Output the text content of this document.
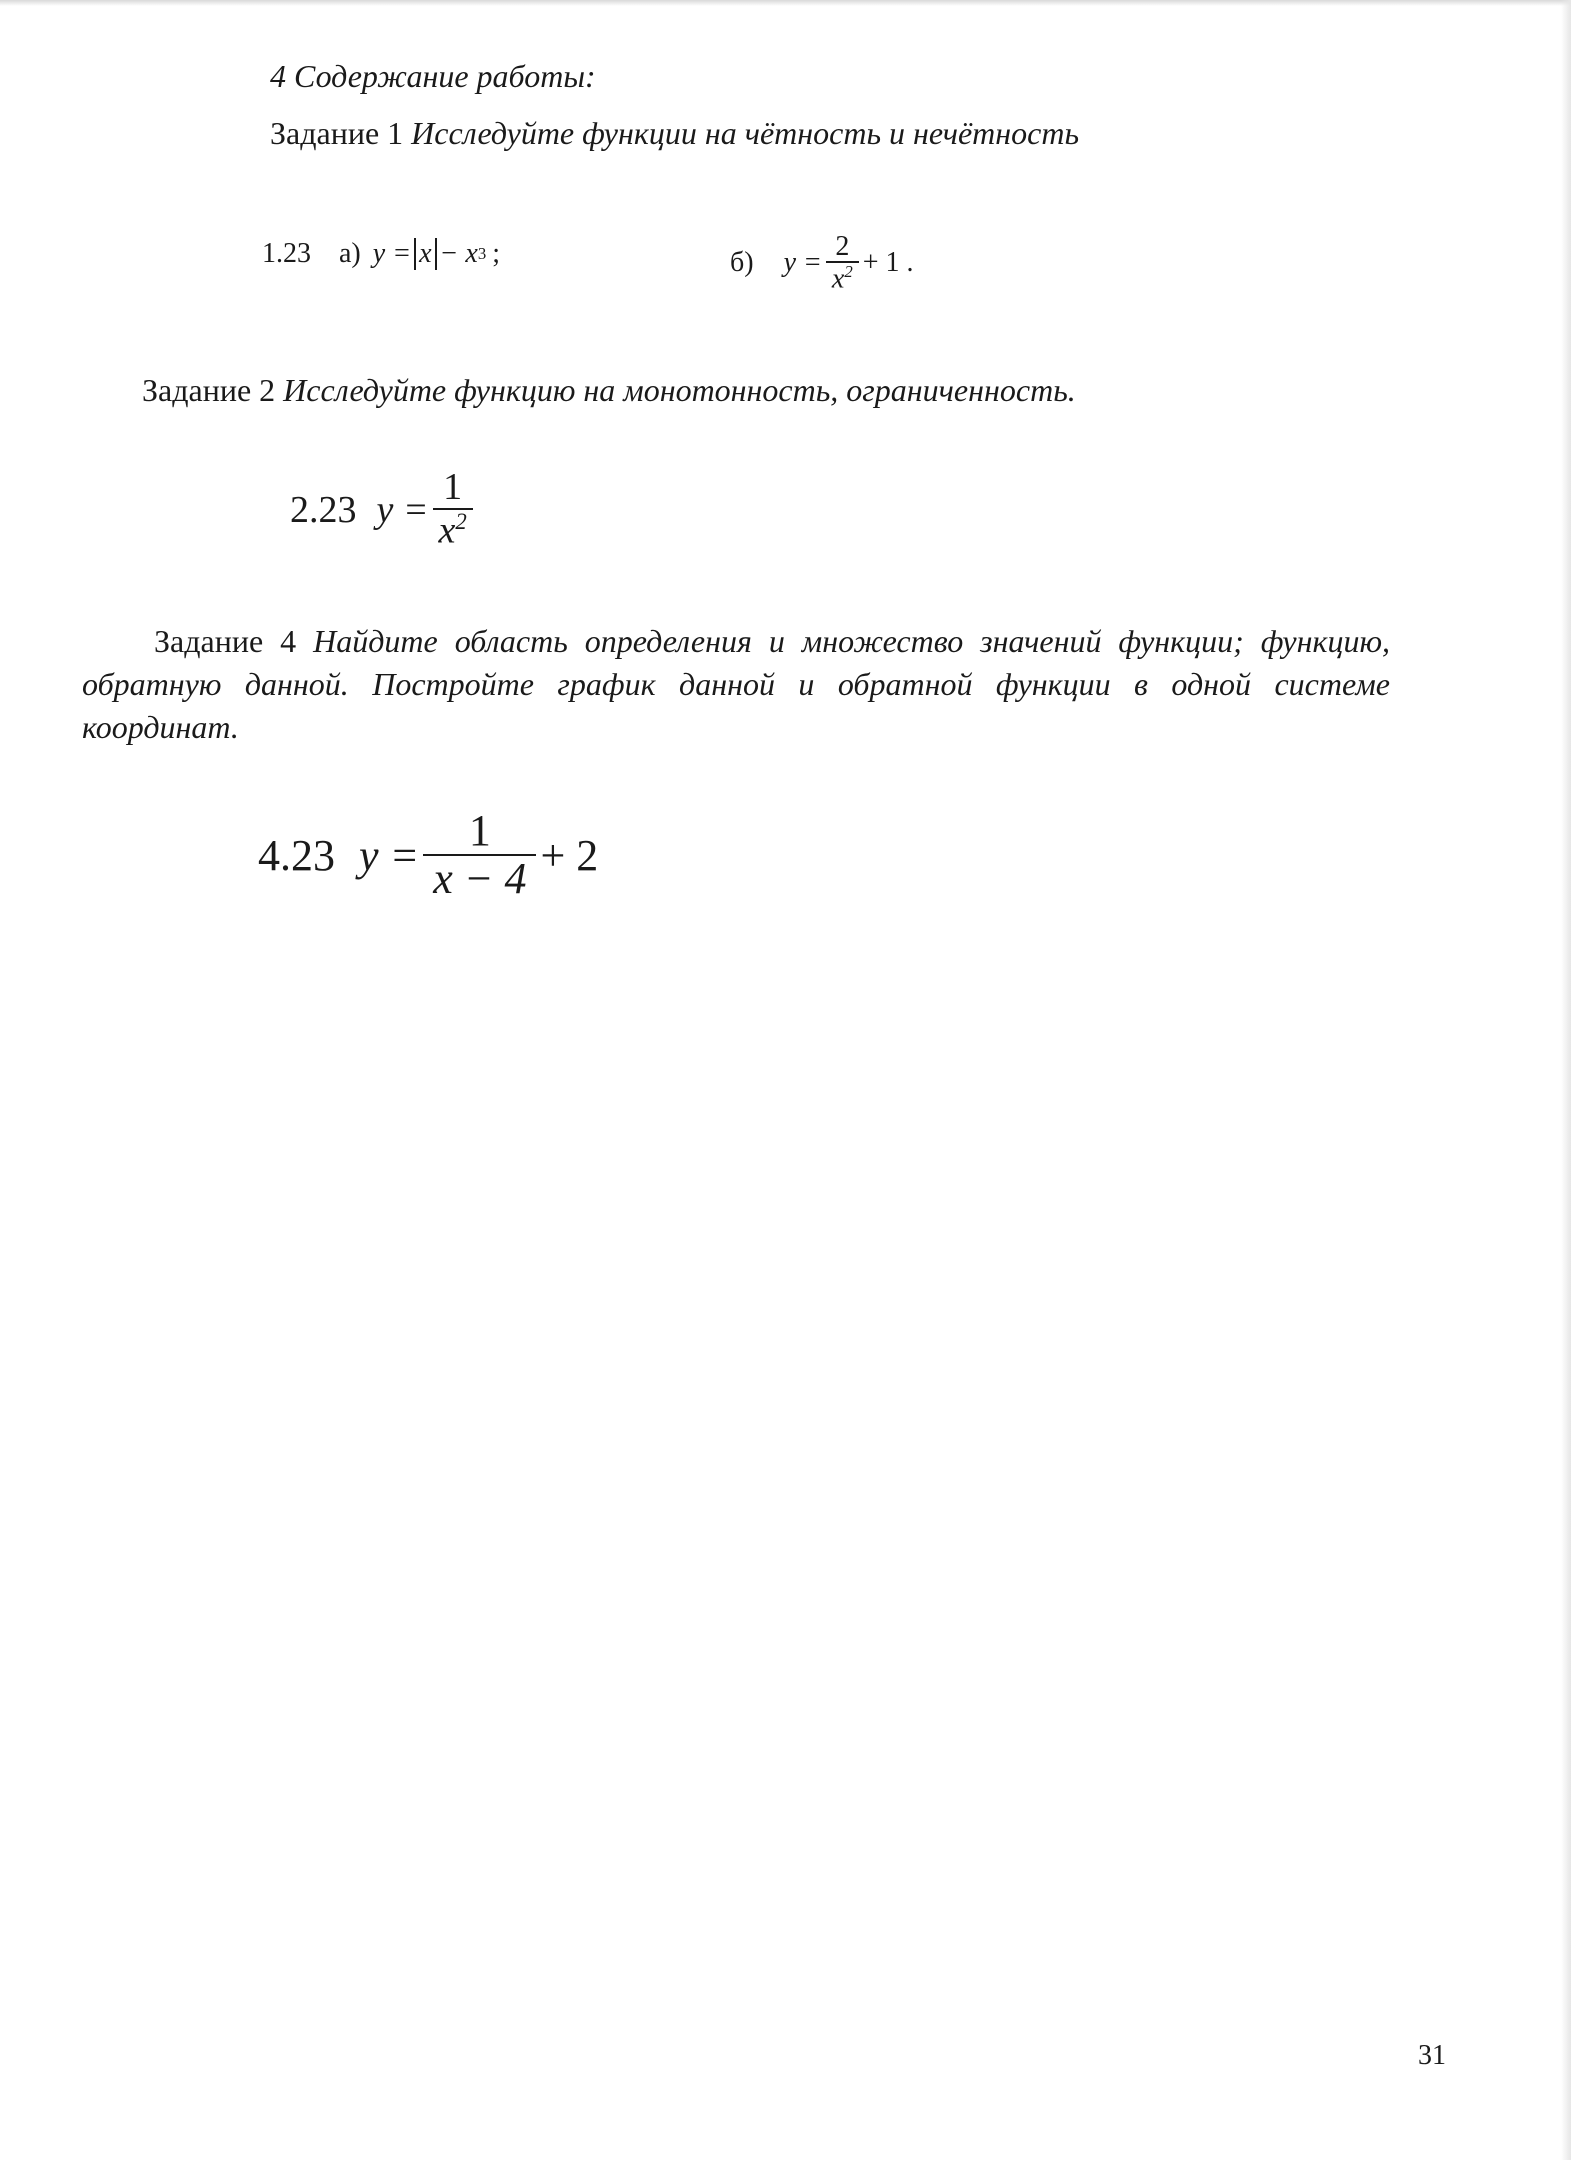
4 Содержание работы:
Задание 1 Исследуйте функции на чётность и нечётность
1.23 а) y = x − x 3 ;	б) $y = \frac{2}{x^2} + 1$ .
Задание 2 Исследуйте функцию на монотонность, ограниченность.
2.23 $y = \frac{1}{x^2}$
Задание 4 Найдите область определения и множество значений функции; функцию, обратную данной. Постройте график данной и обратной функции в одной системе координат.
4.23 $y = \frac{1}{x - 4} + 2$
31
